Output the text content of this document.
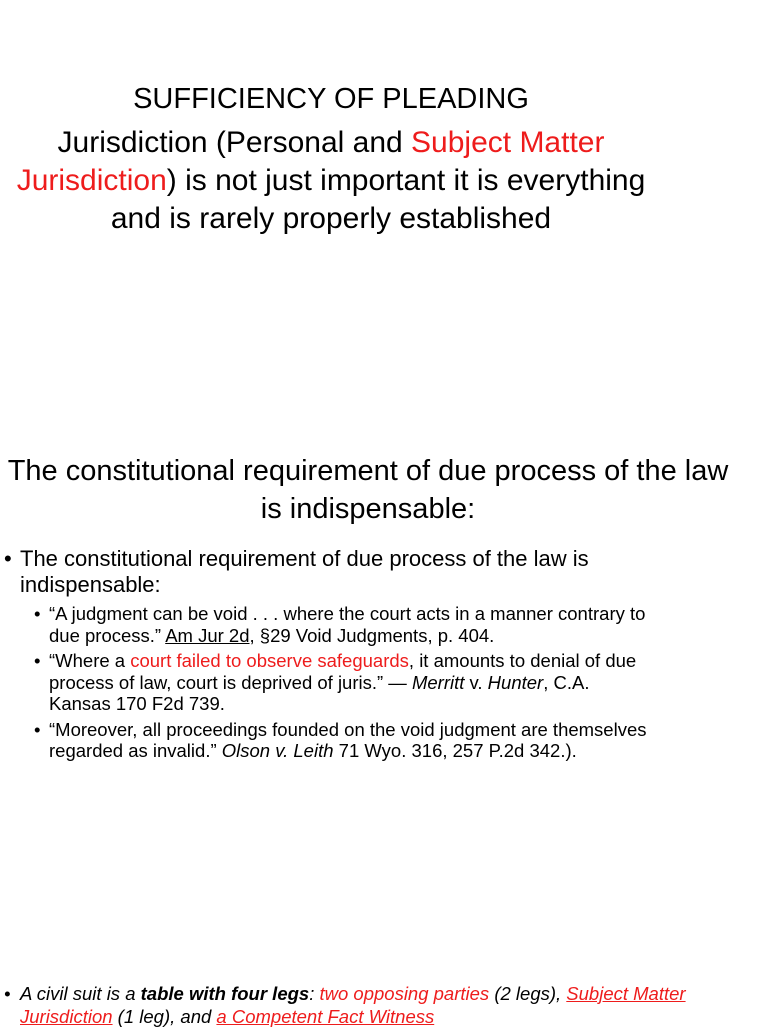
SUFFICIENCY OF PLEADING

Jurisdiction (Personal and Subject Matter Jurisdiction) is not just important it is everything and is rarely properly established

The constitutional requirement of due process of the law is indispensable:

• The constitutional requirement of due process of the law is indispensable:
• “A judgment can be void . . . where the court acts in a manner contrary to due process.” Am Jur 2d, §29 Void Judgments, p. 404.
• “Where a court failed to observe safeguards, it amounts to denial of due process of law, court is deprived of juris.” — Merritt v. Hunter, C.A. Kansas 170 F2d 739.
• “Moreover, all proceedings founded on the void judgment are themselves regarded as invalid.” Olson v. Leith 71 Wyo. 316, 257 P.2d 342.).

• A civil suit is a table with four legs: two opposing parties (2 legs), Subject Matter Jurisdiction (1 leg), and a Competent Fact Witness
